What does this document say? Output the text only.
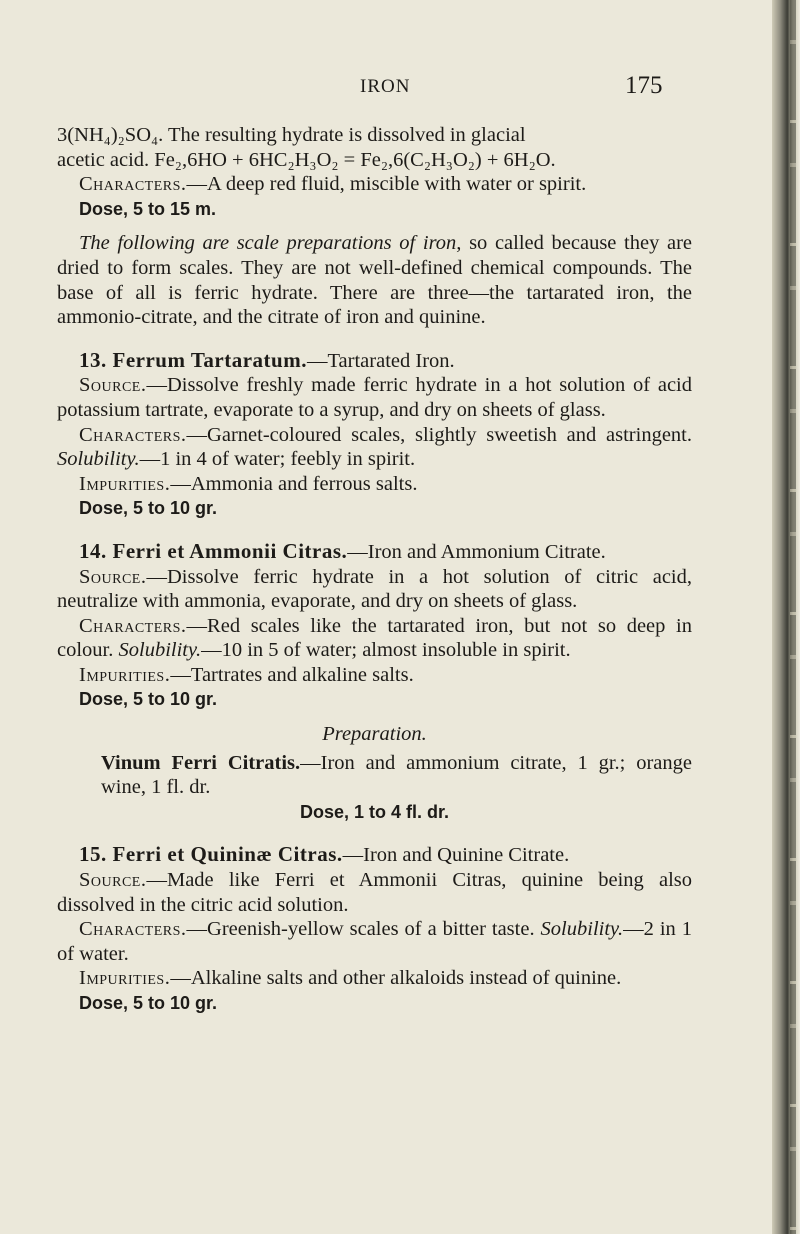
IRON	175

3(NH₄)₂SO₄. The resulting hydrate is dissolved in glacial
acetic acid. Fe₂,6HO + 6HC₂H₃O₂ = Fe₂,6(C₂H₃O₂) + 6H₂O.

Characters.—A deep red fluid, miscible with water or spirit.

Dose, 5 to 15 m.

The following are scale preparations of iron, so called because they are dried to form scales. They are not well-defined chemical compounds. The base of all is ferric hydrate. There are three—the tartarated iron, the ammonio-citrate, and the citrate of iron and quinine.

13. Ferrum Tartaratum.—Tartarated Iron.

Source.—Dissolve freshly made ferric hydrate in a hot solution of acid potassium tartrate, evaporate to a syrup, and dry on sheets of glass.

Characters.—Garnet-coloured scales, slightly sweetish and astringent. Solubility.—1 in 4 of water; feebly in spirit.

Impurities.—Ammonia and ferrous salts.

Dose, 5 to 10 gr.

14. Ferri et Ammonii Citras.—Iron and Ammonium Citrate.

Source.—Dissolve ferric hydrate in a hot solution of citric acid, neutralize with ammonia, evaporate, and dry on sheets of glass.

Characters.—Red scales like the tartarated iron, but not so deep in colour. Solubility.—10 in 5 of water; almost insoluble in spirit.

Impurities.—Tartrates and alkaline salts.

Dose, 5 to 10 gr.

Preparation.

Vinum Ferri Citratis.—Iron and ammonium citrate, 1 gr.; orange wine, 1 fl. dr.

Dose, 1 to 4 fl. dr.

15. Ferri et Quininæ Citras.—Iron and Quinine Citrate.

Source.—Made like Ferri et Ammonii Citras, quinine being also dissolved in the citric acid solution.

Characters.—Greenish-yellow scales of a bitter taste. Solubility.—2 in 1 of water.

Impurities.—Alkaline salts and other alkaloids instead of quinine.

Dose, 5 to 10 gr.
